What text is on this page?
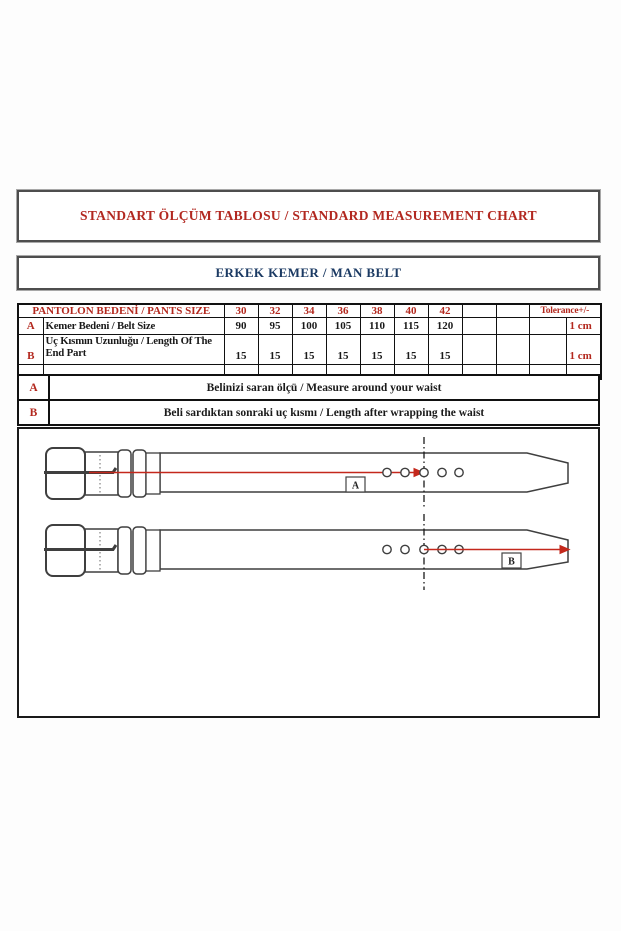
STANDART ÖLÇÜM TABLOSU / STANDARD MEASUREMENT CHART
ERKEK KEMER / MAN BELT
PANTOLON BEDENİ / PANTS SIZE		30	32	34	36	38	40	42			Tolerance+/-	
A	Kemer Bedeni / Belt Size	90	95	100	105	110	115	120				1 cm
B	Uç Kısmın Uzunluğu / Length Of The End Part	15	15	15	15	15	15	15				1 cm

A	Belinizi saran ölçü / Measure around your waist
B	Beli sardıktan sonraki uç kısmı / Length after wrapping the waist
A
B
